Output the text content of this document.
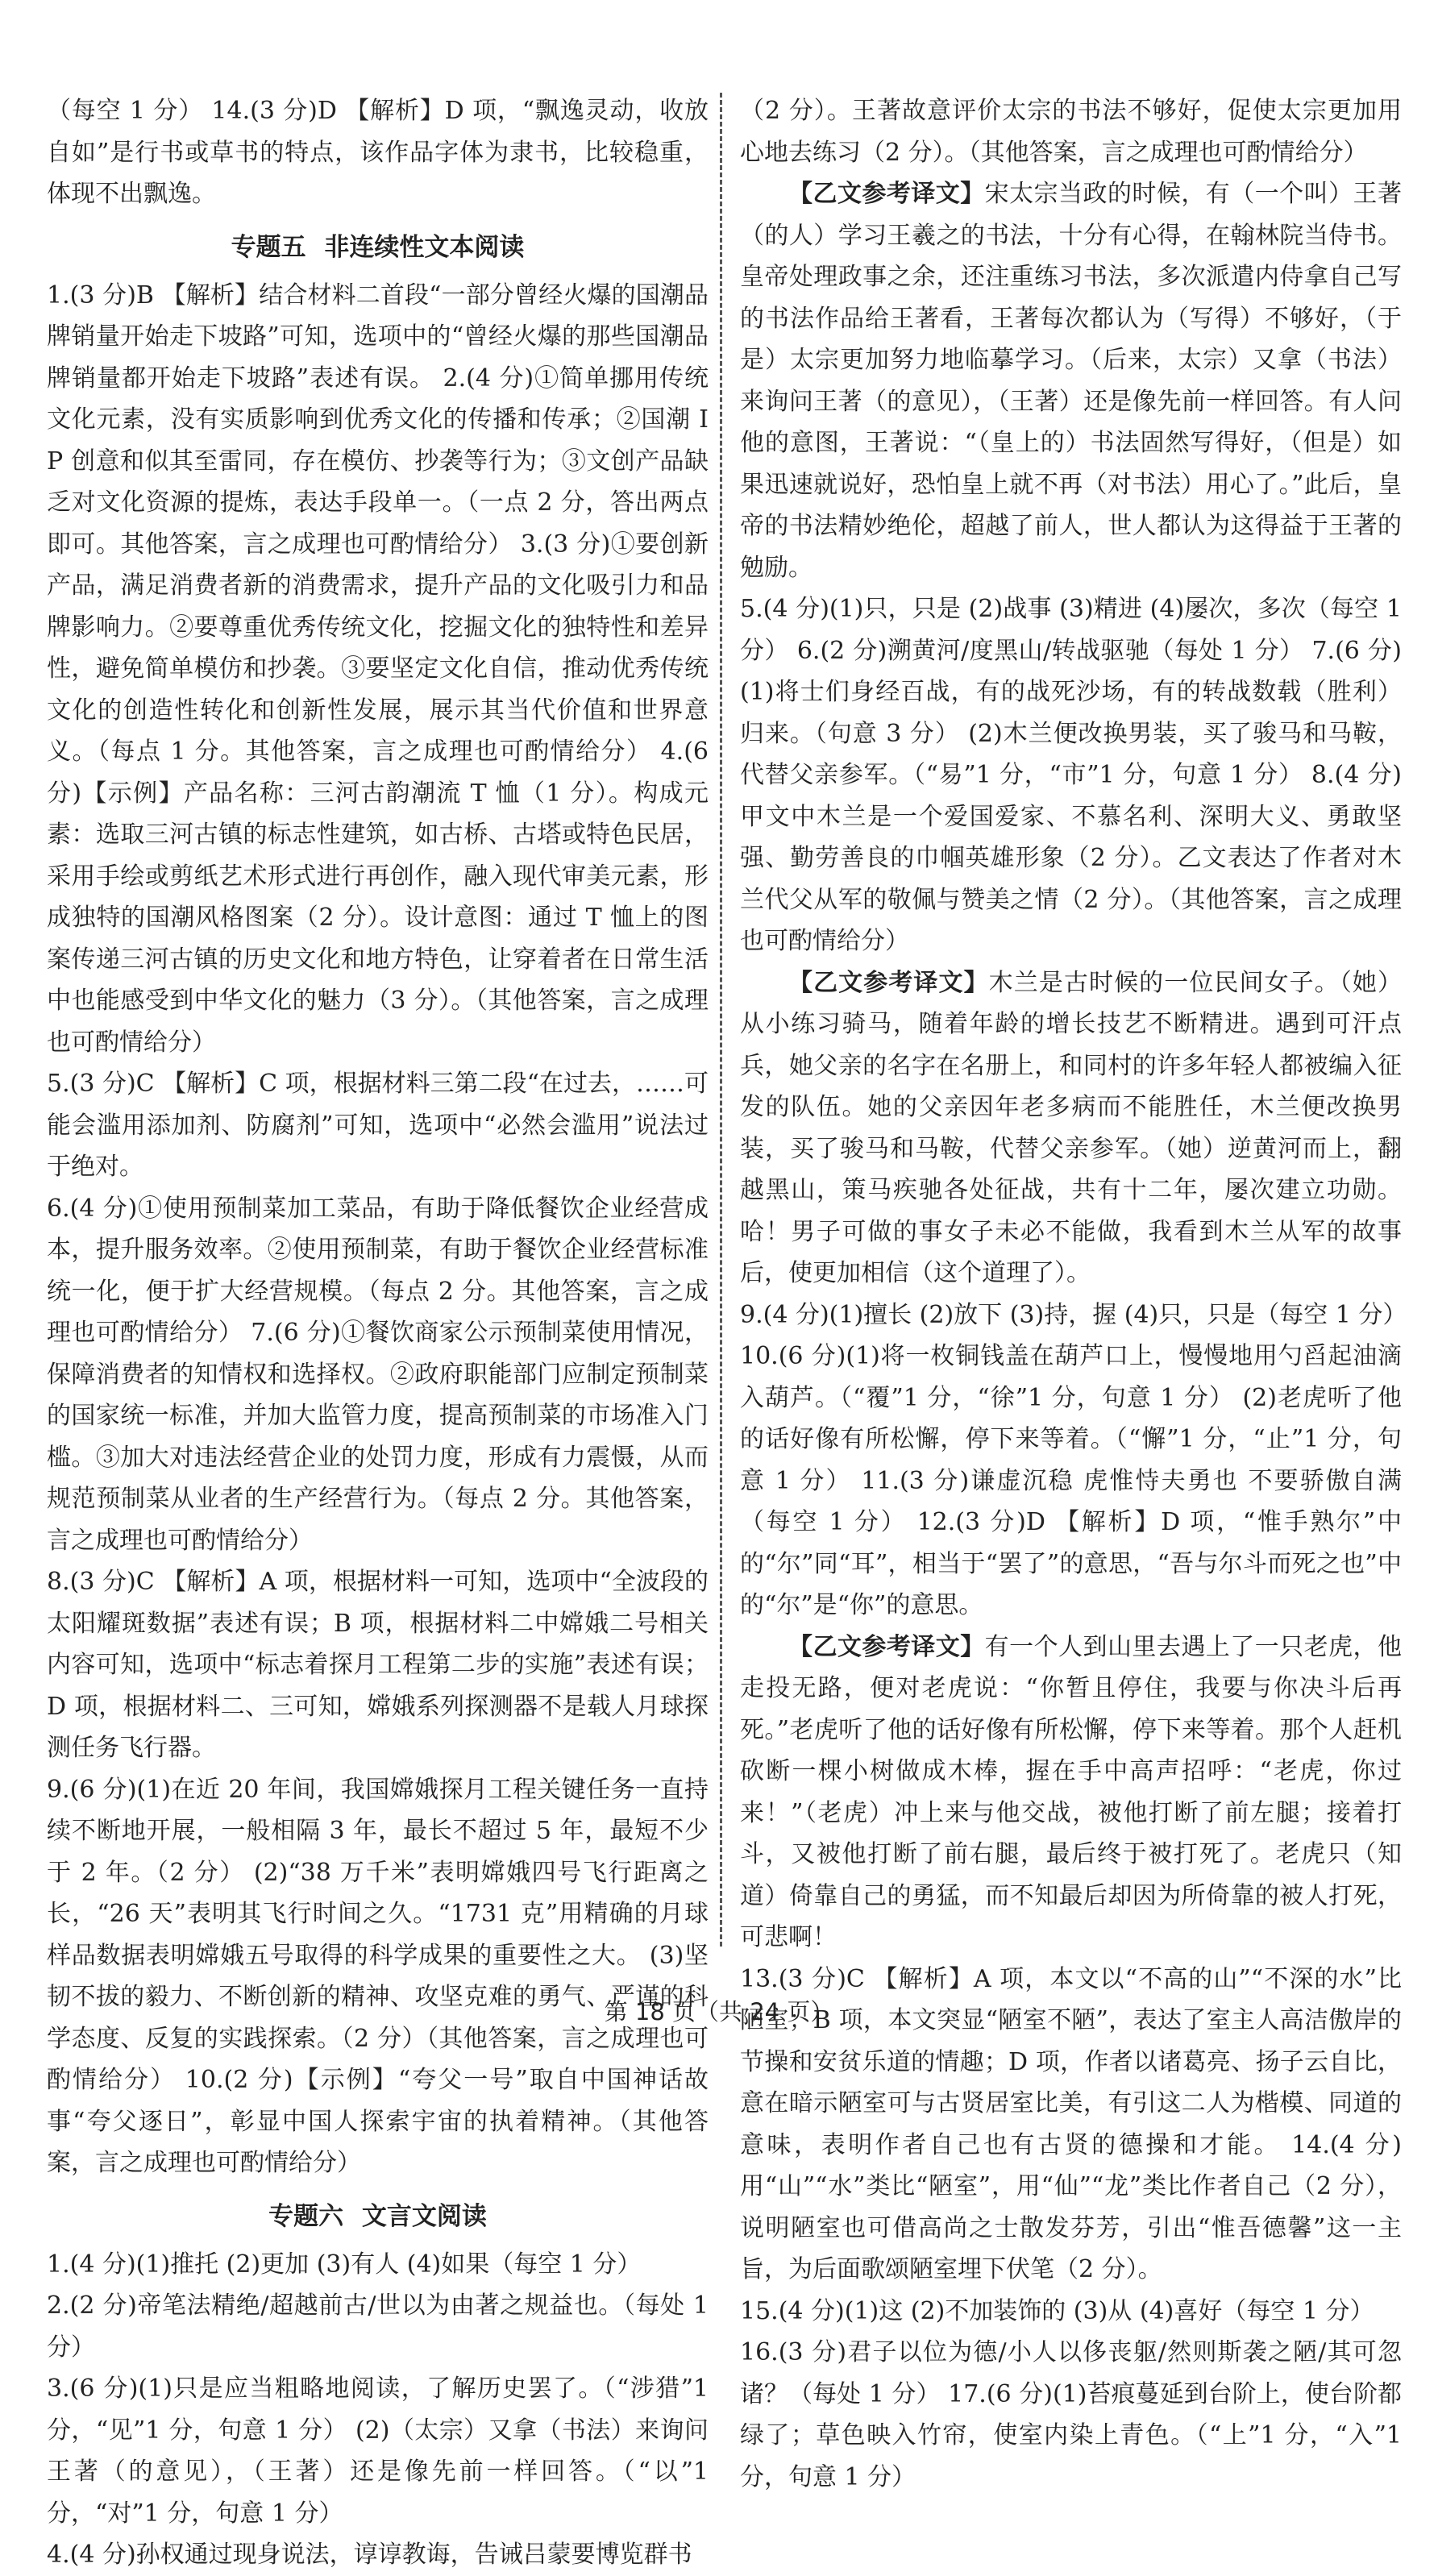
（每空 1 分） 14.(3 分)D 【解析】D 项，“飘逸灵动，收放自如”是行书或草书的特点，该作品字体为隶书，比较稳重，体现不出飘逸。

专题五 非连续性文本阅读

1.(3 分)B 【解析】结合材料二首段“一部分曾经火爆的国潮品牌销量开始走下坡路”可知，选项中的“曾经火爆的那些国潮品牌销量都开始走下坡路”表述有误。 2.(4 分)①简单挪用传统文化元素，没有实质影响到优秀文化的传播和传承；②国潮 IP 创意和似其至雷同，存在模仿、抄袭等行为；③文创产品缺乏对文化资源的提炼，表达手段单一。（一点 2 分，答出两点即可。其他答案，言之成理也可酌情给分） 3.(3 分)①要创新产品，满足消费者新的消费需求，提升产品的文化吸引力和品牌影响力。②要尊重优秀传统文化，挖掘文化的独特性和差异性，避免简单模仿和抄袭。③要坚定文化自信，推动优秀传统文化的创造性转化和创新性发展，展示其当代价值和世界意义。（每点 1 分。其他答案，言之成理也可酌情给分） 4.(6 分)【示例】产品名称：三河古韵潮流 T 恤（1 分）。构成元素：选取三河古镇的标志性建筑，如古桥、古塔或特色民居，采用手绘或剪纸艺术形式进行再创作，融入现代审美元素，形成独特的国潮风格图案（2 分）。设计意图：通过 T 恤上的图案传递三河古镇的历史文化和地方特色，让穿着者在日常生活中也能感受到中华文化的魅力（3 分）。（其他答案，言之成理也可酌情给分）

5.(3 分)C 【解析】C 项，根据材料三第二段“在过去，……可能会滥用添加剂、防腐剂”可知，选项中“必然会滥用”说法过于绝对。

6.(4 分)①使用预制菜加工菜品，有助于降低餐饮企业经营成本，提升服务效率。②使用预制菜，有助于餐饮企业经营标准统一化，便于扩大经营规模。（每点 2 分。其他答案，言之成理也可酌情给分） 7.(6 分)①餐饮商家公示预制菜使用情况，保障消费者的知情权和选择权。②政府职能部门应制定预制菜的国家统一标准，并加大监管力度，提高预制菜的市场准入门槛。③加大对违法经营企业的处罚力度，形成有力震慑，从而规范预制菜从业者的生产经营行为。（每点 2 分。其他答案，言之成理也可酌情给分）

8.(3 分)C 【解析】A 项，根据材料一可知，选项中“全波段的太阳耀斑数据”表述有误；B 项，根据材料二中嫦娥二号相关内容可知，选项中“标志着探月工程第二步的实施”表述有误；D 项，根据材料二、三可知，嫦娥系列探测器不是载人月球探测任务飞行器。

9.(6 分)(1)在近 20 年间，我国嫦娥探月工程关键任务一直持续不断地开展，一般相隔 3 年，最长不超过 5 年，最短不少于 2 年。（2 分） (2)“38 万千米”表明嫦娥四号飞行距离之长，“26 天”表明其飞行时间之久。“1731 克”用精确的月球样品数据表明嫦娥五号取得的科学成果的重要性之大。 (3)坚韧不拔的毅力、不断创新的精神、攻坚克难的勇气、严谨的科学态度、反复的实践探索。（2 分）（其他答案，言之成理也可酌情给分） 10.(2 分)【示例】“夸父一号”取自中国神话故事“夸父逐日”，彰显中国人探索宇宙的执着精神。（其他答案，言之成理也可酌情给分）

专题六 文言文阅读

1.(4 分)(1)推托 (2)更加 (3)有人 (4)如果（每空 1 分）

2.(2 分)帝笔法精绝/超越前古/世以为由著之规益也。（每处 1 分）

3.(6 分)(1)只是应当粗略地阅读，了解历史罢了。（“涉猎”1 分，“见”1 分，句意 1 分） (2)（太宗）又拿（书法）来询问王著（的意见），（王著）还是像先前一样回答。（“以”1 分，“对”1 分，句意 1 分）

4.(4 分)孙权通过现身说法，谆谆教诲，告诫吕蒙要博览群书

（2 分）。王著故意评价太宗的书法不够好，促使太宗更加用心地去练习（2 分）。（其他答案，言之成理也可酌情给分）

【乙文参考译文】宋太宗当政的时候，有（一个叫）王著（的人）学习王羲之的书法，十分有心得，在翰林院当侍书。皇帝处理政事之余，还注重练习书法，多次派遣内侍拿自己写的书法作品给王著看，王著每次都认为（写得）不够好，（于是）太宗更加努力地临摹学习。（后来，太宗）又拿（书法）来询问王著（的意见），（王著）还是像先前一样回答。有人问他的意图，王著说：“（皇上的）书法固然写得好，（但是）如果迅速就说好，恐怕皇上就不再（对书法）用心了。”此后，皇帝的书法精妙绝伦，超越了前人，世人都认为这得益于王著的勉励。

5.(4 分)(1)只，只是 (2)战事 (3)精进 (4)屡次，多次（每空 1 分） 6.(2 分)溯黄河/度黑山/转战驱驰（每处 1 分） 7.(6 分)(1)将士们身经百战，有的战死沙场，有的转战数载（胜利）归来。（句意 3 分） (2)木兰便改换男装，买了骏马和马鞍，代替父亲参军。（“易”1 分，“市”1 分，句意 1 分） 8.(4 分)甲文中木兰是一个爱国爱家、不慕名利、深明大义、勇敢坚强、勤劳善良的巾帼英雄形象（2 分）。乙文表达了作者对木兰代父从军的敬佩与赞美之情（2 分）。（其他答案，言之成理也可酌情给分）

【乙文参考译文】木兰是古时候的一位民间女子。（她）从小练习骑马，随着年龄的增长技艺不断精进。遇到可汗点兵，她父亲的名字在名册上，和同村的许多年轻人都被编入征发的队伍。她的父亲因年老多病而不能胜任，木兰便改换男装，买了骏马和马鞍，代替父亲参军。（她）逆黄河而上，翻越黑山，策马疾驰各处征战，共有十二年，屡次建立功勋。哈！男子可做的事女子未必不能做，我看到木兰从军的故事后，使更加相信（这个道理了）。

9.(4 分)(1)擅长 (2)放下 (3)持，握 (4)只，只是（每空 1 分）

10.(6 分)(1)将一枚铜钱盖在葫芦口上，慢慢地用勺舀起油滴入葫芦。（“覆”1 分，“徐”1 分，句意 1 分） (2)老虎听了他的话好像有所松懈，停下来等着。（“懈”1 分，“止”1 分，句意 1 分） 11.(3 分)谦虚沉稳 虎惟恃夫勇也 不要骄傲自满（每空 1 分） 12.(3 分)D 【解析】D 项，“惟手熟尔”中的“尔”同“耳”，相当于“罢了”的意思，“吾与尔斗而死之也”中的“尔”是“你”的意思。

【乙文参考译文】有一个人到山里去遇上了一只老虎，他走投无路，便对老虎说：“你暂且停住，我要与你决斗后再死。”老虎听了他的话好像有所松懈，停下来等着。那个人赶机砍断一棵小树做成木棒，握在手中高声招呼：“老虎，你过来！”（老虎）冲上来与他交战，被他打断了前左腿；接着打斗，又被他打断了前右腿，最后终于被打死了。老虎只（知道）倚靠自己的勇猛，而不知最后却因为所倚靠的被人打死，可悲啊！

13.(3 分)C 【解析】A 项，本文以“不高的山”“不深的水”比陋室；B 项，本文突显“陋室不陋”，表达了室主人高洁傲岸的节操和安贫乐道的情趣；D 项，作者以诸葛亮、扬子云自比，意在暗示陋室可与古贤居室比美，有引这二人为楷模、同道的意味，表明作者自己也有古贤的德操和才能。 14.(4 分)用“山”“水”类比“陋室”，用“仙”“龙”类比作者自己（2 分），说明陋室也可借高尚之士散发芬芳，引出“惟吾德馨”这一主旨，为后面歌颂陋室埋下伏笔（2 分）。

15.(4 分)(1)这 (2)不加装饰的 (3)从 (4)喜好（每空 1 分）

16.(3 分)君子以位为德/小人以侈丧躯/然则斯袭之陋/其可忽诸？（每处 1 分） 17.(6 分)(1)苔痕蔓延到台阶上，使台阶都绿了；草色映入竹帘，使室内染上青色。（“上”1 分，“入”1 分，句意 1 分）

第 18 页（共 24 页）
